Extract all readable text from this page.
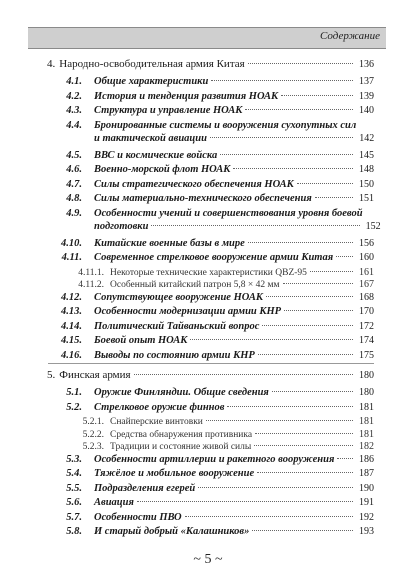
Содержание
4. Народно-освободительная армия Китая	136
4.1. Общие характеристики	137
4.2. История и тенденция развития НОАК	139
4.3. Структура и управление НОАК	140
4.4. Бронированные системы и вооружения сухопутных сил
и тактической авиации	142
4.5. ВВС и космические войска	145
4.6. Военно-морской флот НОАК	148
4.7. Силы стратегического обеспечения НОАК	150
4.8. Силы материально-технического обеспечения	151
4.9. Особенности учений и совершенствования уровня боевой
подготовки	152
4.10. Китайские военные базы в мире	156
4.11. Современное стрелковое вооружение армии Китая	160
4.11.1. Некоторые технические характеристики QBZ-95	161
4.11.2. Особенный китайский патрон 5,8 × 42 мм	167
4.12. Сопутствующее вооружение НОАК	168
4.13. Особенности модернизации армии КНР	170
4.14. Политический Тайваньский вопрос	172
4.15. Боевой опыт НОАК	174
4.16. Выводы по состоянию армии КНР	175
5. Финская армия	180
5.1. Оружие Финляндии. Общие сведения	180
5.2. Стрелковое оружие финнов	181
5.2.1. Снайперские винтовки	181
5.2.2. Средства обнаружения противника	181
5.2.3. Традиции и состояние живой силы	182
5.3. Особенности артиллерии и ракетного вооружения	186
5.4. Тяжёлое и мобильное вооружение	187
5.5. Подразделения егерей	190
5.6. Авиация	191
5.7. Особенности ПВО	192
5.8. И старый добрый «Калашников»	193
~ 5 ~
